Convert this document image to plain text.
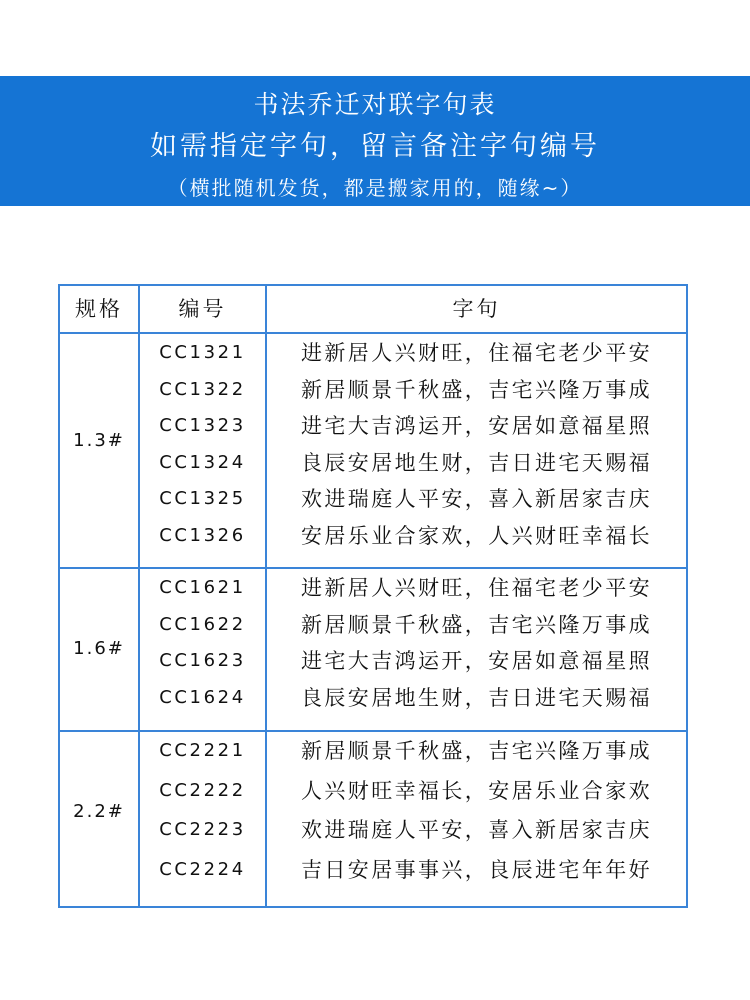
书法乔迁对联字句表
如需指定字句，留言备注字句编号
（横批随机发货，都是搬家用的，随缘~）
规格	编号	字句
1.3#
CC1321	进新居人兴财旺，住福宅老少平安
CC1322	新居顺景千秋盛，吉宅兴隆万事成
CC1323	进宅大吉鸿运开，安居如意福星照
CC1324	良辰安居地生财，吉日进宅天赐福
CC1325	欢进瑞庭人平安，喜入新居家吉庆
CC1326	安居乐业合家欢，人兴财旺幸福长
1.6#
CC1621	进新居人兴财旺，住福宅老少平安
CC1622	新居顺景千秋盛，吉宅兴隆万事成
CC1623	进宅大吉鸿运开，安居如意福星照
CC1624	良辰安居地生财，吉日进宅天赐福
2.2#
CC2221	新居顺景千秋盛，吉宅兴隆万事成
CC2222	人兴财旺幸福长，安居乐业合家欢
CC2223	欢进瑞庭人平安，喜入新居家吉庆
CC2224	吉日安居事事兴，良辰进宅年年好
